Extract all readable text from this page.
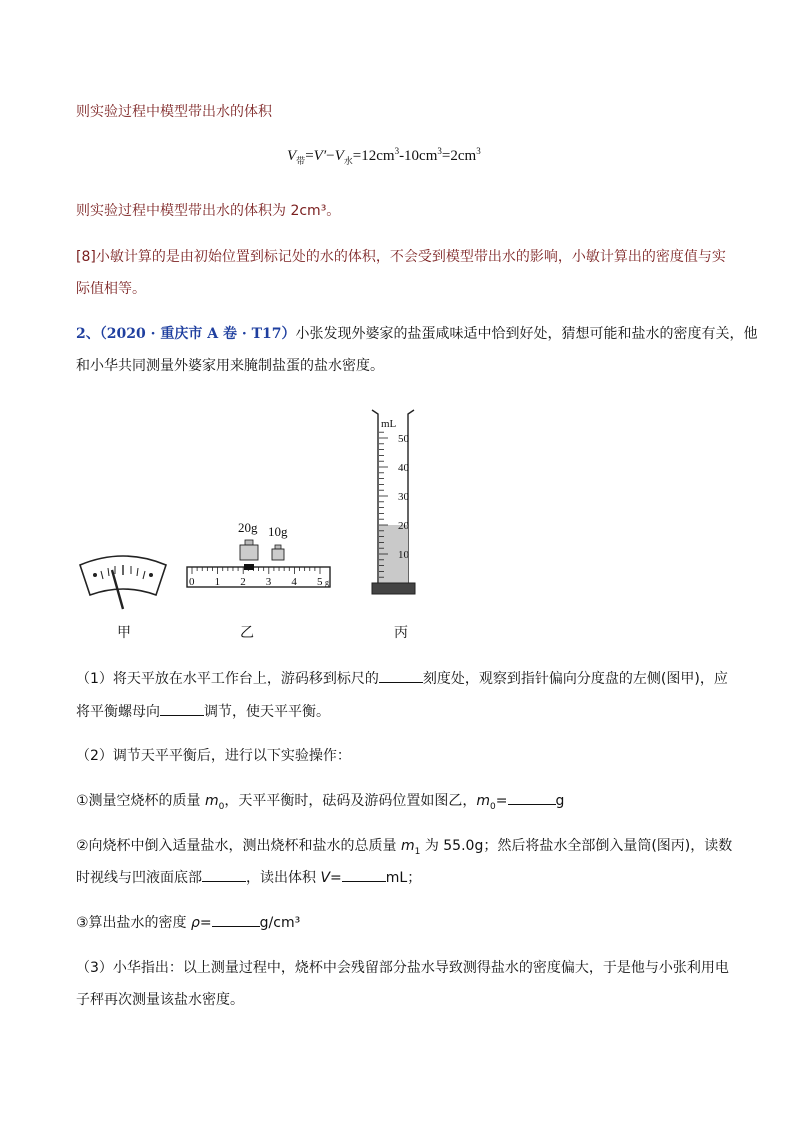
则实验过程中模型带出水的体积
$V_带=V'-V_水=12cm^3-10cm^3=2cm^3$
则实验过程中模型带出水的体积为 2cm³。
[8]小敏计算的是由初始位置到标记处的水的体积，不会受到模型带出水的影响，小敏计算出的密度值与实
际值相等。
2、（2020 · 重庆市 A 卷 · T17）小张发现外婆家的盐蛋咸味适中恰到好处，猜想可能和盐水的密度有关，他
和小华共同测量外婆家用来腌制盐蛋的盐水密度。
20g 10g
0 1 2 3 4 5 g
mL
50
40
30
20
10
甲	乙	丙
（1）将天平放在水平工作台上，游码移到标尺的	刻度处，观察到指针偏向分度盘的左侧(图甲)，应
将平衡螺母向	调节，使天平平衡。
（2）调节天平平衡后，进行以下实验操作：
①测量空烧杯的质量 $m_0$，天平平衡时，砝码及游码位置如图乙，$m_0=$	g
②向烧杯中倒入适量盐水，测出烧杯和盐水的总质量 $m_1$ 为 55.0g；然后将盐水全部倒入量筒(图丙)，读数
时视线与凹液面底部	，读出体积 V=	mL；
③算出盐水的密度 ρ=	g/cm³
（3）小华指出：以上测量过程中，烧杯中会残留部分盐水导致测得盐水的密度偏大，于是他与小张利用电
子秤再次测量该盐水密度。
